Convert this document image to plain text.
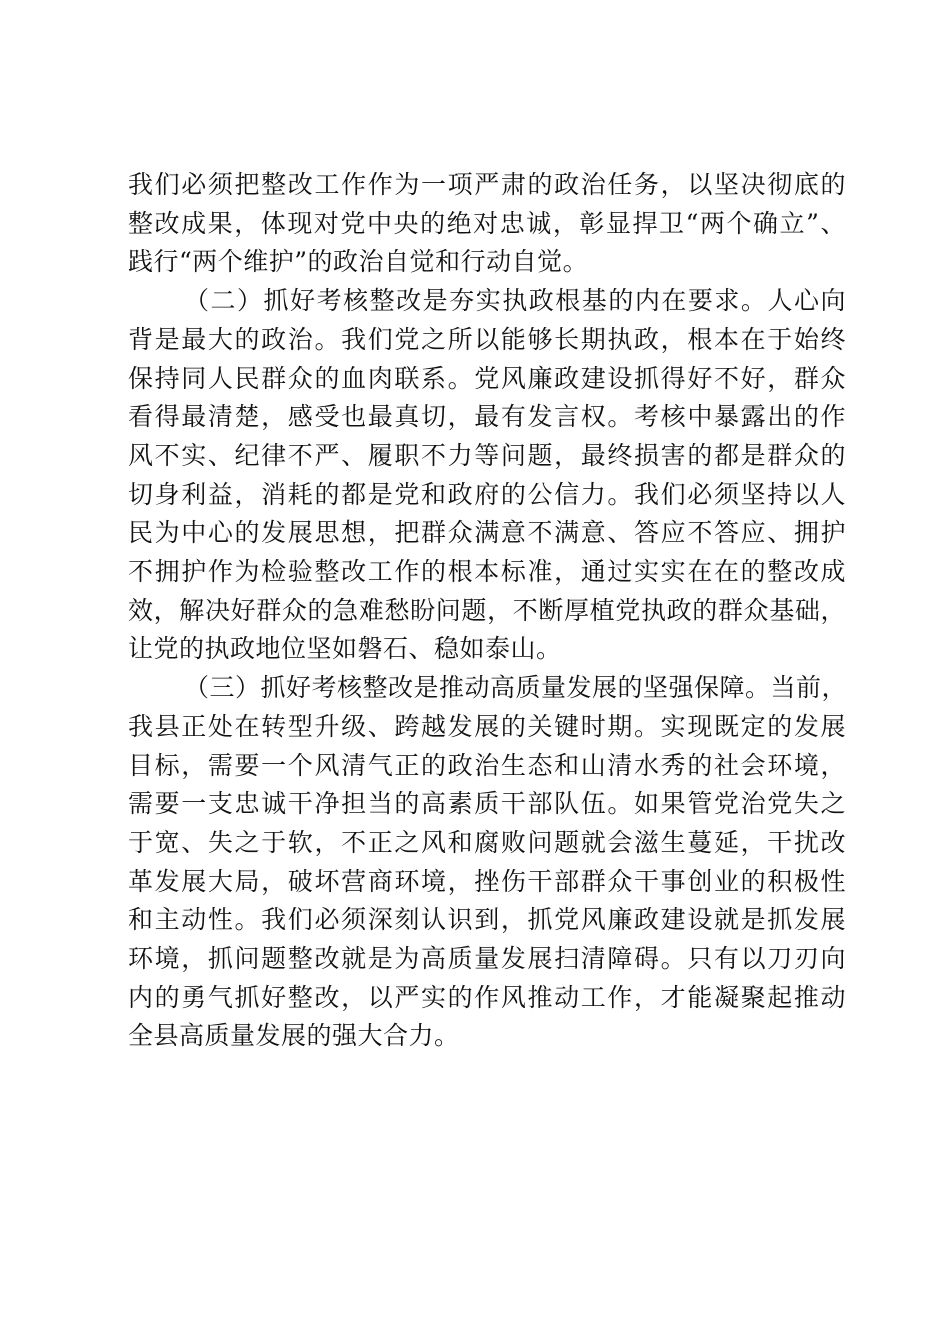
我们必须把整改工作作为一项严肃的政治任务，以坚决彻底的
整改成果，体现对党中央的绝对忠诚，彰显捍卫“两个确立”、
践行“两个维护”的政治自觉和行动自觉。

（二）抓好考核整改是夯实执政根基的内在要求。人心向
背是最大的政治。我们党之所以能够长期执政，根本在于始终
保持同人民群众的血肉联系。党风廉政建设抓得好不好，群众
看得最清楚，感受也最真切，最有发言权。考核中暴露出的作
风不实、纪律不严、履职不力等问题，最终损害的都是群众的
切身利益，消耗的都是党和政府的公信力。我们必须坚持以人
民为中心的发展思想，把群众满意不满意、答应不答应、拥护
不拥护作为检验整改工作的根本标准，通过实实在在的整改成
效，解决好群众的急难愁盼问题，不断厚植党执政的群众基础，
让党的执政地位坚如磐石、稳如泰山。

（三）抓好考核整改是推动高质量发展的坚强保障。当前，
我县正处在转型升级、跨越发展的关键时期。实现既定的发展
目标，需要一个风清气正的政治生态和山清水秀的社会环境，
需要一支忠诚干净担当的高素质干部队伍。如果管党治党失之
于宽、失之于软，不正之风和腐败问题就会滋生蔓延，干扰改
革发展大局，破坏营商环境，挫伤干部群众干事创业的积极性
和主动性。我们必须深刻认识到，抓党风廉政建设就是抓发展
环境，抓问题整改就是为高质量发展扫清障碍。只有以刀刃向
内的勇气抓好整改，以严实的作风推动工作，才能凝聚起推动
全县高质量发展的强大合力。
